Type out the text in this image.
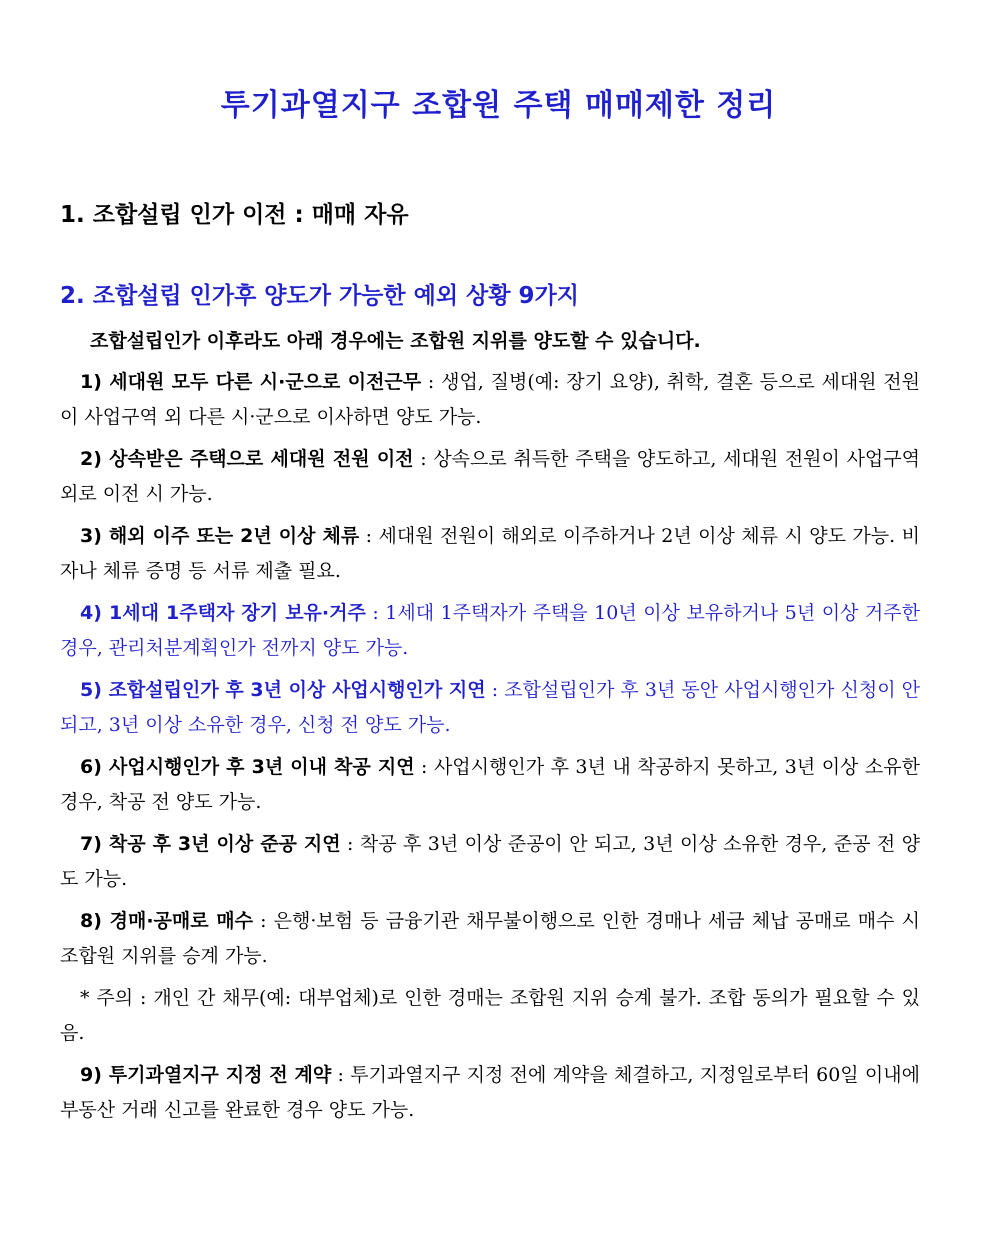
투기과열지구 조합원 주택 매매제한 정리
1. 조합설립 인가 이전 : 매매 자유
2. 조합설립 인가후 양도가 가능한 예외 상황 9가지

조합설립인가 이후라도 아래 경우에는 조합원 지위를 양도할 수 있습니다.

1) 세대원 모두 다른 시·군으로 이전근무 : 생업, 질병(예: 장기 요양), 취학, 결혼 등으로 세대원 전원이 사업구역 외 다른 시·군으로 이사하면 양도 가능.

2) 상속받은 주택으로 세대원 전원 이전 : 상속으로 취득한 주택을 양도하고, 세대원 전원이 사업구역 외로 이전 시 가능.

3) 해외 이주 또는 2년 이상 체류 : 세대원 전원이 해외로 이주하거나 2년 이상 체류 시 양도 가능. 비자나 체류 증명 등 서류 제출 필요.

4) 1세대 1주택자 장기 보유·거주 : 1세대 1주택자가 주택을 10년 이상 보유하거나 5년 이상 거주한 경우, 관리처분계획인가 전까지 양도 가능.

5) 조합설립인가 후 3년 이상 사업시행인가 지연 : 조합설립인가 후 3년 동안 사업시행인가 신청이 안 되고, 3년 이상 소유한 경우, 신청 전 양도 가능.

6) 사업시행인가 후 3년 이내 착공 지연 : 사업시행인가 후 3년 내 착공하지 못하고, 3년 이상 소유한 경우, 착공 전 양도 가능.

7) 착공 후 3년 이상 준공 지연 : 착공 후 3년 이상 준공이 안 되고, 3년 이상 소유한 경우, 준공 전 양도 가능.

8) 경매·공매로 매수 : 은행·보험 등 금융기관 채무불이행으로 인한 경매나 세금 체납 공매로 매수 시 조합원 지위를 승계 가능.

* 주의 : 개인 간 채무(예: 대부업체)로 인한 경매는 조합원 지위 승계 불가. 조합 동의가 필요할 수 있음.

9) 투기과열지구 지정 전 계약 : 투기과열지구 지정 전에 계약을 체결하고, 지정일로부터 60일 이내에 부동산 거래 신고를 완료한 경우 양도 가능.
